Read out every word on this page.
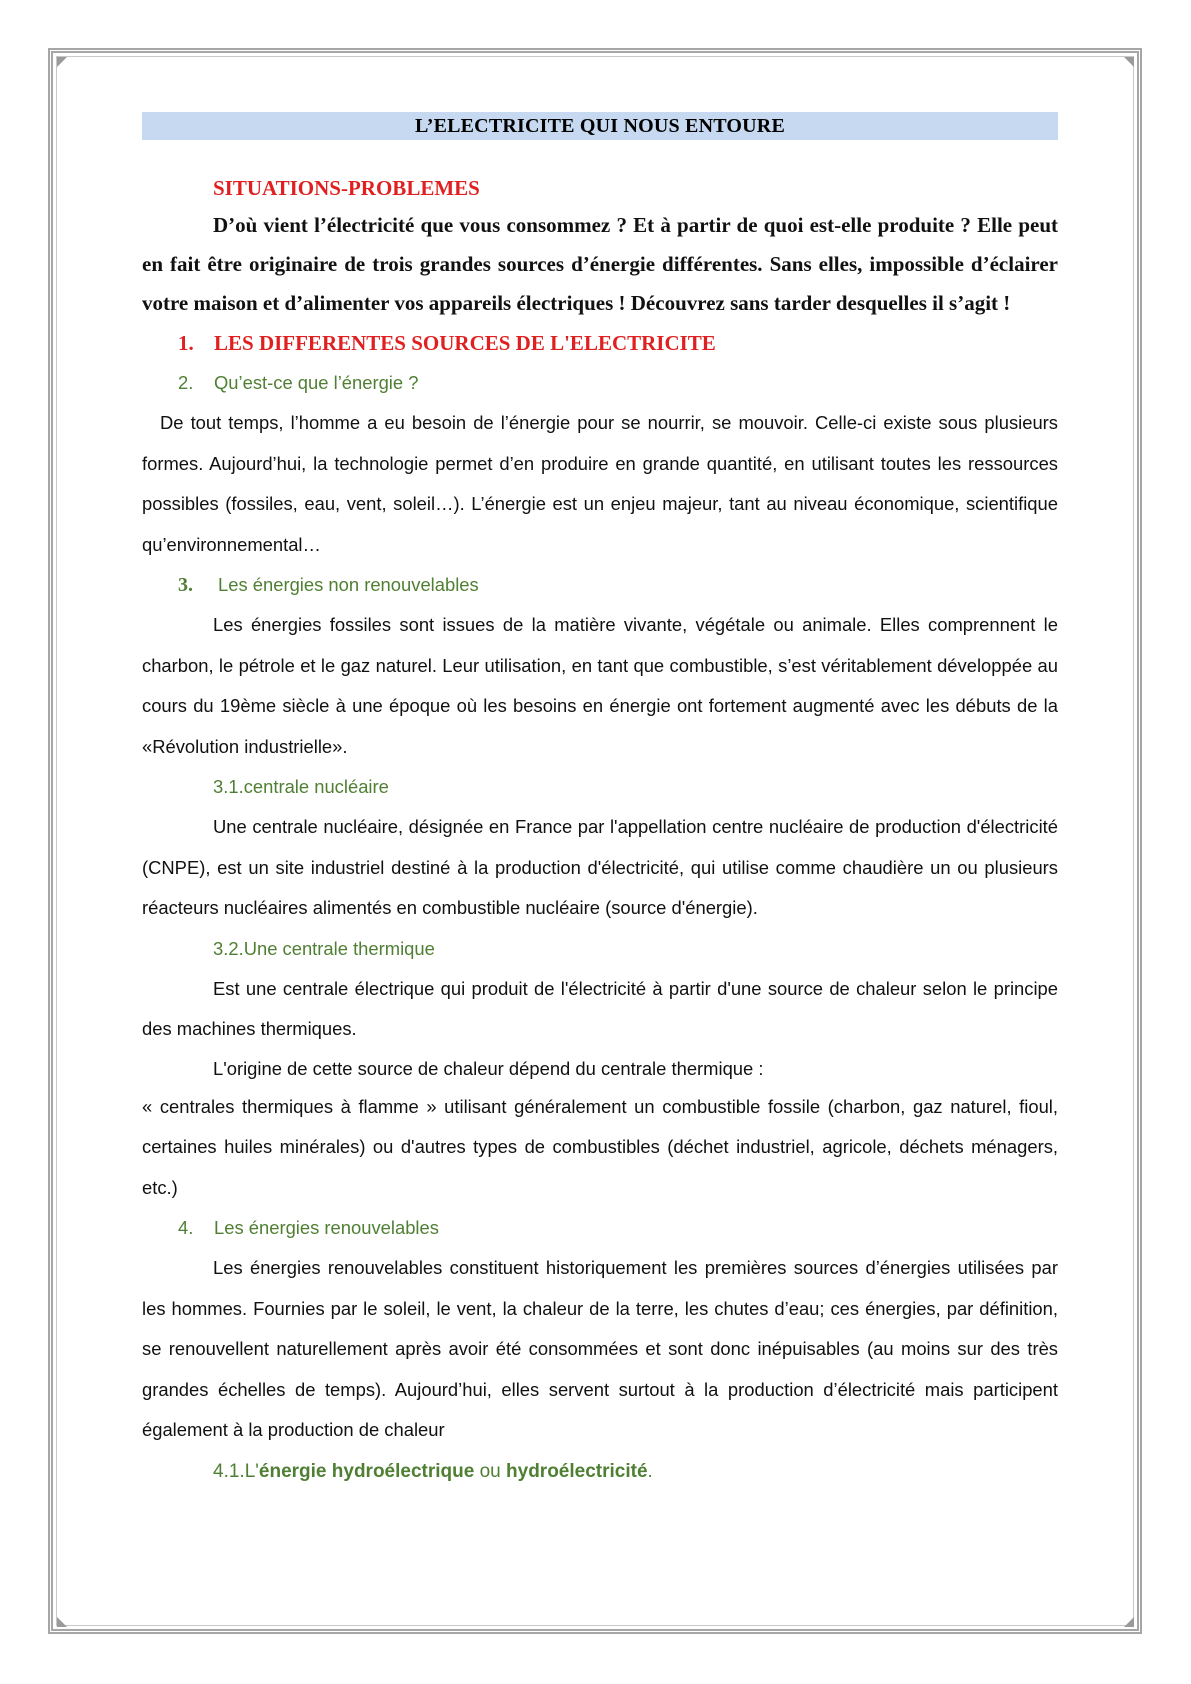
L’ELECTRICITE QUI NOUS ENTOURE
SITUATIONS-PROBLEMES

D’où vient l’électricité que vous consommez ? Et à partir de quoi est-elle produite ? Elle peut en fait être originaire de trois grandes sources d’énergie différentes. Sans elles, impossible d’éclairer votre maison et d’alimenter vos appareils électriques ! Découvrez sans tarder desquelles il s’agit !

1. LES DIFFERENTES SOURCES DE L'ELECTRICITE
2. Qu’est-ce que l’énergie ?

De tout temps, l’homme a eu besoin de l’énergie pour se nourrir, se mouvoir. Celle-ci existe sous plusieurs formes. Aujourd’hui, la technologie permet d’en produire en grande quantité, en utilisant toutes les ressources possibles (fossiles, eau, vent, soleil…). L’énergie est un enjeu majeur, tant au niveau économique, scientifique qu’environnemental…

3. Les énergies non renouvelables

Les énergies fossiles sont issues de la matière vivante, végétale ou animale. Elles comprennent le charbon, le pétrole et le gaz naturel. Leur utilisation, en tant que combustible, s’est véritablement développée au cours du 19ème siècle à une époque où les besoins en énergie ont fortement augmenté avec les débuts de la «Révolution industrielle».

3.1.centrale nucléaire

Une centrale nucléaire, désignée en France par l'appellation centre nucléaire de production d'électricité (CNPE), est un site industriel destiné à la production d'électricité, qui utilise comme chaudière un ou plusieurs réacteurs nucléaires alimentés en combustible nucléaire (source d'énergie).

3.2.Une centrale thermique

Est une centrale électrique qui produit de l'électricité à partir d'une source de chaleur selon le principe des machines thermiques.

L'origine de cette source de chaleur dépend du centrale thermique :

« centrales thermiques à flamme » utilisant généralement un combustible fossile (charbon, gaz naturel, fioul, certaines huiles minérales) ou d'autres types de combustibles (déchet industriel, agricole, déchets ménagers, etc.)

4. Les énergies renouvelables

Les énergies renouvelables constituent historiquement les premières sources d’énergies utilisées par les hommes. Fournies par le soleil, le vent, la chaleur de la terre, les chutes d’eau; ces énergies, par définition, se renouvellent naturellement après avoir été consommées et sont donc inépuisables (au moins sur des très grandes échelles de temps). Aujourd’hui, elles servent surtout à la production d’électricité mais participent également à la production de chaleur

4.1.L'énergie hydroélectrique ou hydroélectricité.
